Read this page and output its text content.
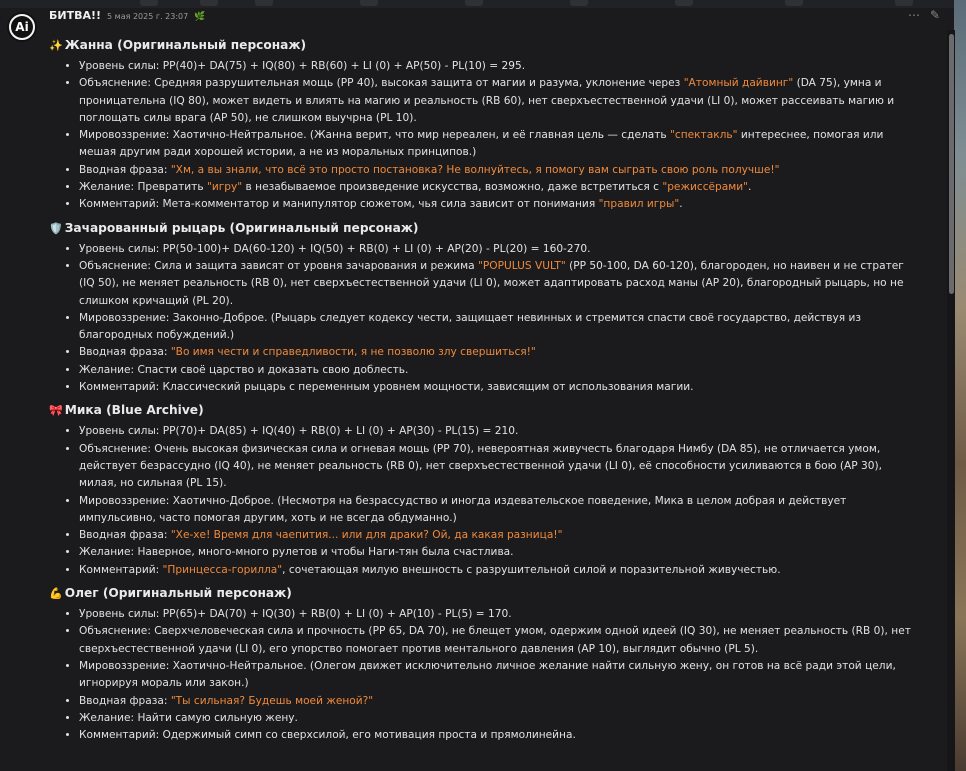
Ai
БИТВА!! 5 мая 2025 г. 23:07 🌿	⋯ ✎
✨ Жанна (Оригинальный персонаж)
• Уровень силы: PP(40)+ DA(75) + IQ(80) + RB(60) + LI (0) + AP(50) - PL(10) = 295.
• Объяснение: Средняя разрушительная мощь (PP 40), высокая защита от магии и разума, уклонение через "Атомный дайвинг" (DA 75), умна и проницательна (IQ 80), может видеть и влиять на магию и реальность (RB 60), нет сверхъестественной удачи (LI 0), может рассеивать магию и поглощать силы врага (AP 50), не слишком выучрна (PL 10).
• Мировоззрение: Хаотично-Нейтральное. (Жанна верит, что мир нереален, и её главная цель — сделать "спектакль" интереснее, помогая или мешая другим ради хорошей истории, а не из моральных принципов.)
• Вводная фраза: "Хм, а вы знали, что всё это просто постановка? Не волнуйтесь, я помогу вам сыграть свою роль получше!"
• Желание: Превратить "игру" в незабываемое произведение искусства, возможно, даже встретиться с "режиссёрами".
• Комментарий: Мета-комментатор и манипулятор сюжетом, чья сила зависит от понимания "правил игры".
🛡️ Зачарованный рыцарь (Оригинальный персонаж)
• Уровень силы: PP(50-100)+ DA(60-120) + IQ(50) + RB(0) + LI (0) + AP(20) - PL(20) = 160-270.
• Объяснение: Сила и защита зависят от уровня зачарования и режима "POPULUS VULT" (PP 50-100, DA 60-120), благороден, но наивен и не стратег (IQ 50), не меняет реальность (RB 0), нет сверхъестественной удачи (LI 0), может адаптировать расход маны (AP 20), благородный рыцарь, но не слишком кричащий (PL 20).
• Мировоззрение: Законно-Доброе. (Рыцарь следует кодексу чести, защищает невинных и стремится спасти своё государство, действуя из благородных побуждений.)
• Вводная фраза: "Во имя чести и справедливости, я не позволю злу свершиться!"
• Желание: Спасти своё царство и доказать свою доблесть.
• Комментарий: Классический рыцарь с переменным уровнем мощности, зависящим от использования магии.
🎀 Мика (Blue Archive)
• Уровень силы: PP(70)+ DA(85) + IQ(40) + RB(0) + LI (0) + AP(30) - PL(15) = 210.
• Объяснение: Очень высокая физическая сила и огневая мощь (PP 70), невероятная живучесть благодаря Нимбу (DA 85), не отличается умом, действует безрассудно (IQ 40), не меняет реальность (RB 0), нет сверхъестественной удачи (LI 0), её способности усиливаются в бою (AP 30), милая, но сильная (PL 15).
• Мировоззрение: Хаотично-Доброе. (Несмотря на безрассудство и иногда издевательское поведение, Мика в целом добрая и действует импульсивно, часто помогая другим, хоть и не всегда обдуманно.)
• Вводная фраза: "Хе-хе! Время для чаепития... или для драки? Ой, да какая разница!"
• Желание: Наверное, много-много рулетов и чтобы Наги-тян была счастлива.
• Комментарий: "Принцесса-горилла", сочетающая милую внешность с разрушительной силой и поразительной живучестью.
💪 Олег (Оригинальный персонаж)
• Уровень силы: PP(65)+ DA(70) + IQ(30) + RB(0) + LI (0) + AP(10) - PL(5) = 170.
• Объяснение: Сверхчеловеческая сила и прочность (PP 65, DA 70), не блещет умом, одержим одной идеей (IQ 30), не меняет реальность (RB 0), нет сверхъестественной удачи (LI 0), его упорство помогает против ментального давления (AP 10), выглядит обычно (PL 5).
• Мировоззрение: Хаотично-Нейтральное. (Олегом движет исключительно личное желание найти сильную жену, он готов на всё ради этой цели, игнорируя мораль или закон.)
• Вводная фраза: "Ты сильная? Будешь моей женой?"
• Желание: Найти самую сильную жену.
• Комментарий: Одержимый симп со сверхсилой, его мотивация проста и прямолинейна.
